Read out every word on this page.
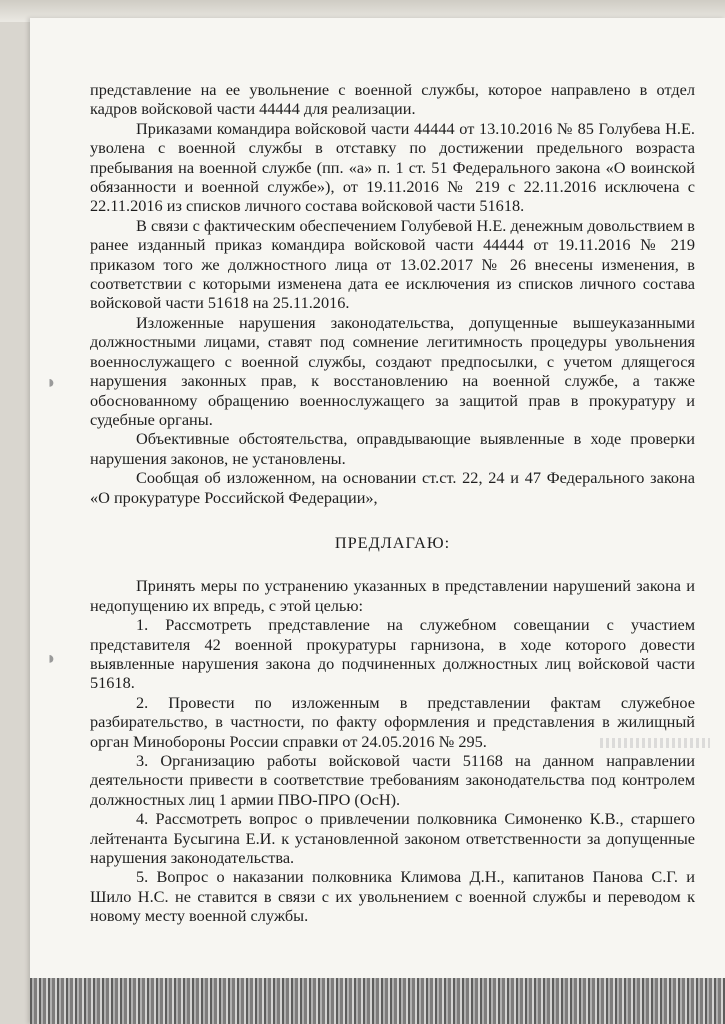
◗
◗

представление на ее увольнение с военной службы, которое направлено в отдел кадров войсковой части 44444 для реализации.

Приказами командира войсковой части 44444 от 13.10.2016 № 85 Голубева Н.Е. уволена с военной службы в отставку по достижении предельного возраста пребывания на военной службе (пп. «а» п. 1 ст. 51 Федерального закона «О воинской обязанности и военной службе»), от 19.11.2016 № 219 с 22.11.2016 исключена с 22.11.2016 из списков личного состава войсковой части 51618.

В связи с фактическим обеспечением Голубевой Н.Е. денежным довольствием в ранее изданный приказ командира войсковой части 44444 от 19.11.2016 № 219 приказом того же должностного лица от 13.02.2017 № 26 внесены изменения, в соответствии с которыми изменена дата ее исключения из списков личного состава войсковой части 51618 на 25.11.2016.

Изложенные нарушения законодательства, допущенные вышеуказанными должностными лицами, ставят под сомнение легитимность процедуры увольнения военнослужащего с военной службы, создают предпосылки, с учетом длящегося нарушения законных прав, к восстановлению на военной службе, а также обоснованному обращению военнослужащего за защитой прав в прокуратуру и судебные органы.

Объективные обстоятельства, оправдывающие выявленные в ходе проверки нарушения законов, не установлены.

Сообщая об изложенном, на основании ст.ст. 22, 24 и 47 Федерального закона «О прокуратуре Российской Федерации»,

ПРЕДЛАГАЮ:

Принять меры по устранению указанных в представлении нарушений закона и недопущению их впредь, с этой целью:

1. Рассмотреть представление на служебном совещании с участием представителя 42 военной прокуратуры гарнизона, в ходе которого довести выявленные нарушения закона до подчиненных должностных лиц войсковой части 51618.

2. Провести по изложенным в представлении фактам служебное разбирательство, в частности, по факту оформления и представления в жилищный орган Минобороны России справки от 24.05.2016 № 295.

3. Организацию работы войсковой части 51168 на данном направлении деятельности привести в соответствие требованиям законодательства под контролем должностных лиц 1 армии ПВО-ПРО (ОсН).

4. Рассмотреть вопрос о привлечении полковника Симоненко К.В., старшего лейтенанта Бусыгина Е.И. к установленной законом ответственности за допущенные нарушения законодательства.

5. Вопрос о наказании полковника Климова Д.Н., капитанов Панова С.Г. и Шило Н.С. не ставится в связи с их увольнением с военной службы и переводом к новому месту военной службы.
